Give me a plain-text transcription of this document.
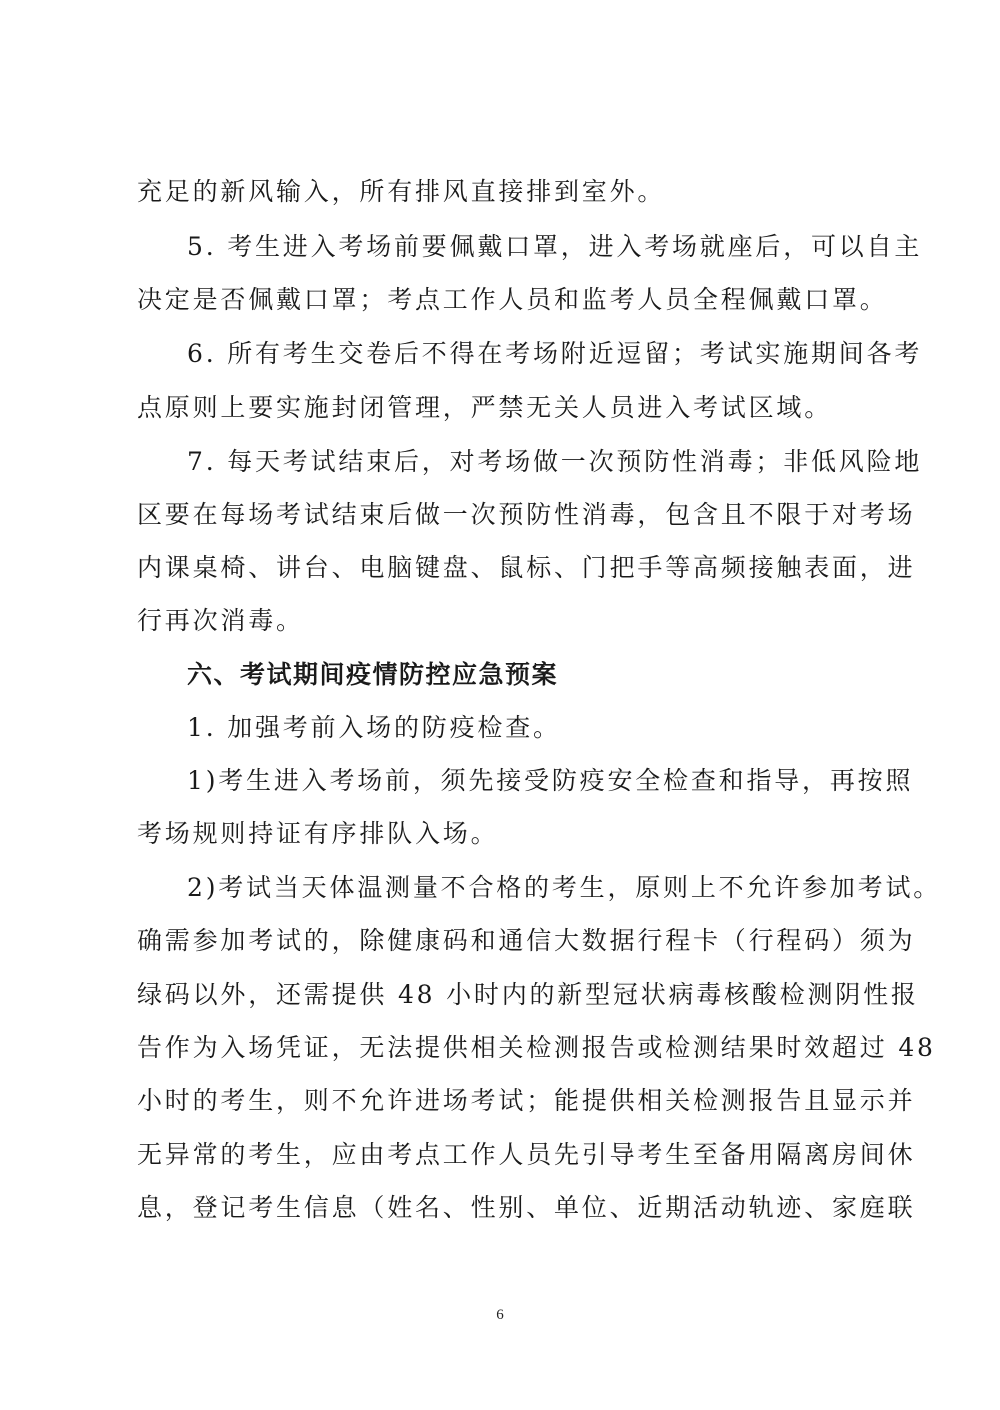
充足的新风输入，所有排风直接排到室外。
5. 考生进入考场前要佩戴口罩，进入考场就座后，可以自主
决定是否佩戴口罩；考点工作人员和监考人员全程佩戴口罩。
6. 所有考生交卷后不得在考场附近逗留；考试实施期间各考
点原则上要实施封闭管理，严禁无关人员进入考试区域。
7. 每天考试结束后，对考场做一次预防性消毒；非低风险地
区要在每场考试结束后做一次预防性消毒，包含且不限于对考场
内课桌椅、讲台、电脑键盘、鼠标、门把手等高频接触表面，进
行再次消毒。
六、考试期间疫情防控应急预案
1. 加强考前入场的防疫检查。
1)考生进入考场前，须先接受防疫安全检查和指导，再按照
考场规则持证有序排队入场。
2)考试当天体温测量不合格的考生，原则上不允许参加考试。
确需参加考试的，除健康码和通信大数据行程卡（行程码）须为
绿码以外，还需提供 48 小时内的新型冠状病毒核酸检测阴性报
告作为入场凭证，无法提供相关检测报告或检测结果时效超过 48
小时的考生，则不允许进场考试；能提供相关检测报告且显示并
无异常的考生，应由考点工作人员先引导考生至备用隔离房间休
息，登记考生信息（姓名、性别、单位、近期活动轨迹、家庭联
6
